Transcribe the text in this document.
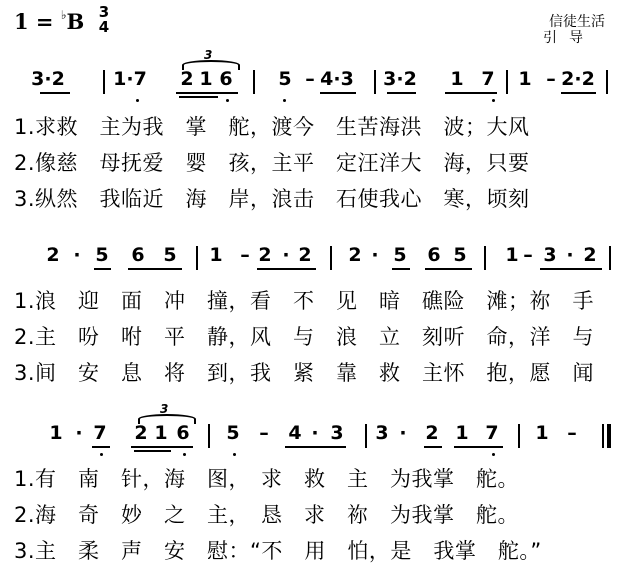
1 = ♭B 3
4	信徒生活
引导
3·2	1·7 2 1 6 5 – 4·3 3·2 1 7 1 – 2·2
3
2 · 5 6 5 1 – 2 · 2 2 · 5 6 5 1 – 3 · 2
1 · 7 2 1 6 5 – 4 · 3 3 · 2 1 7 1 –
3
1.求救　主为我　掌　舵，渡今　生苦海洪　波；大风
2.像慈　母抚爱　婴　孩，主平　定汪洋大　海，只要
3.纵然　我临近　海　岸，浪击　石使我心　寒，顷刻
1.浪　迎　面　冲　撞，看　不　见　暗　礁险　滩；祢　手
2.主　吩　咐　平　静，风　与　浪　立　刻听　命，洋　与
3.间　安　息　将　到，我　紧　靠　救　主怀　抱，愿　闻
1.有　南　针，海　图，　求　救　主　为我掌　舵。
2.海　奇　妙　之　主，　恳　求　祢　为我掌　舵。
3.主　柔　声　安　慰：“不　用　怕，是　我掌　舵。”
